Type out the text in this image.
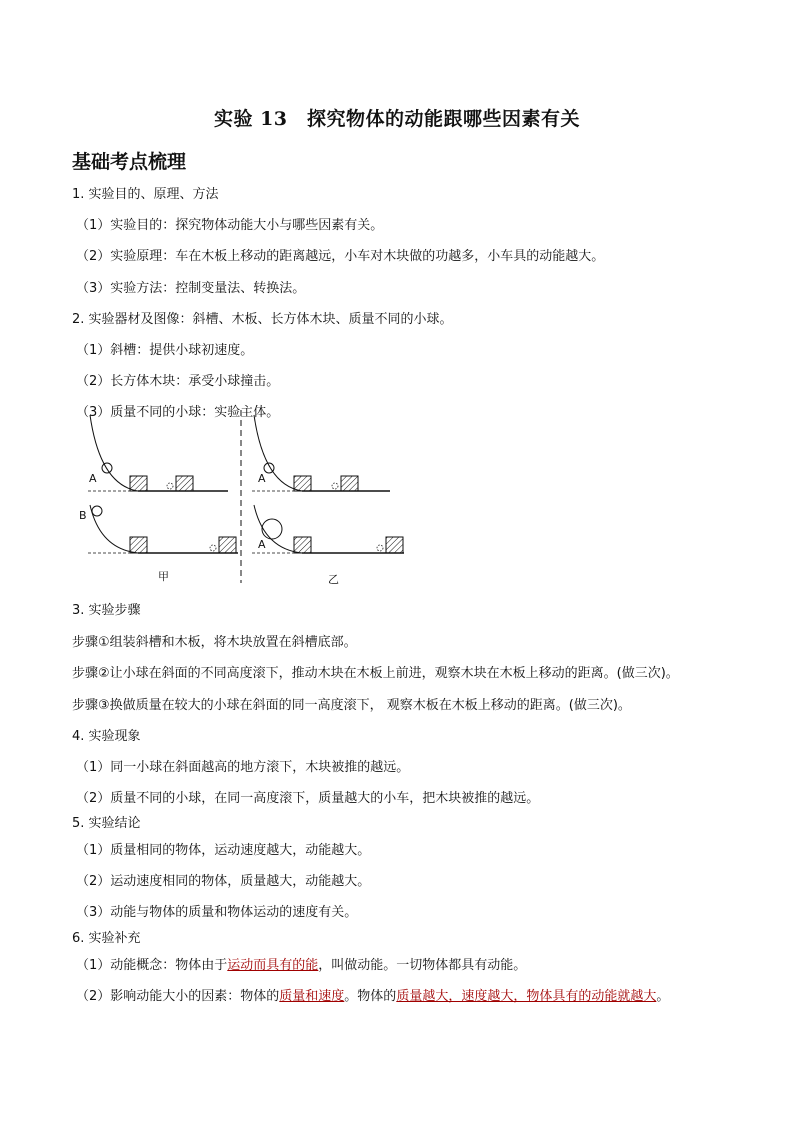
实验 13　探究物体的动能跟哪些因素有关
基础考点梳理
1. 实验目的、原理、方法
（1）实验目的：探究物体动能大小与哪些因素有关。
（2）实验原理：车在木板上移动的距离越远，小车对木块做的功越多，小车具的动能越大。
（3）实验方法：控制变量法、转换法。
2. 实验器材及图像：斜槽、木板、长方体木块、质量不同的小球。
（1）斜槽：提供小球初速度。
（2）长方体木块：承受小球撞击。
（3）质量不同的小球：实验主体。
A
B
A
A
甲	乙
3. 实验步骤
步骤①组装斜槽和木板，将木块放置在斜槽底部。
步骤②让小球在斜面的不同高度滚下，推动木块在木板上前进，观察木块在木板上移动的距离。(做三次)。
步骤③换做质量在较大的小球在斜面的同一高度滚下， 观察木板在木板上移动的距离。(做三次)。
4. 实验现象
（1）同一小球在斜面越高的地方滚下，木块被推的越远。
（2）质量不同的小球，在同一高度滚下，质量越大的小车，把木块被推的越远。
5. 实验结论
（1）质量相同的物体，运动速度越大，动能越大。
（2）运动速度相同的物体，质量越大，动能越大。
（3）动能与物体的质量和物体运动的速度有关。
6. 实验补充
（1）动能概念：物体由于运动而具有的能，叫做动能。一切物体都具有动能。
（2）影响动能大小的因素：物体的质量和速度。物体的质量越大，速度越大，物体具有的动能就越大。
